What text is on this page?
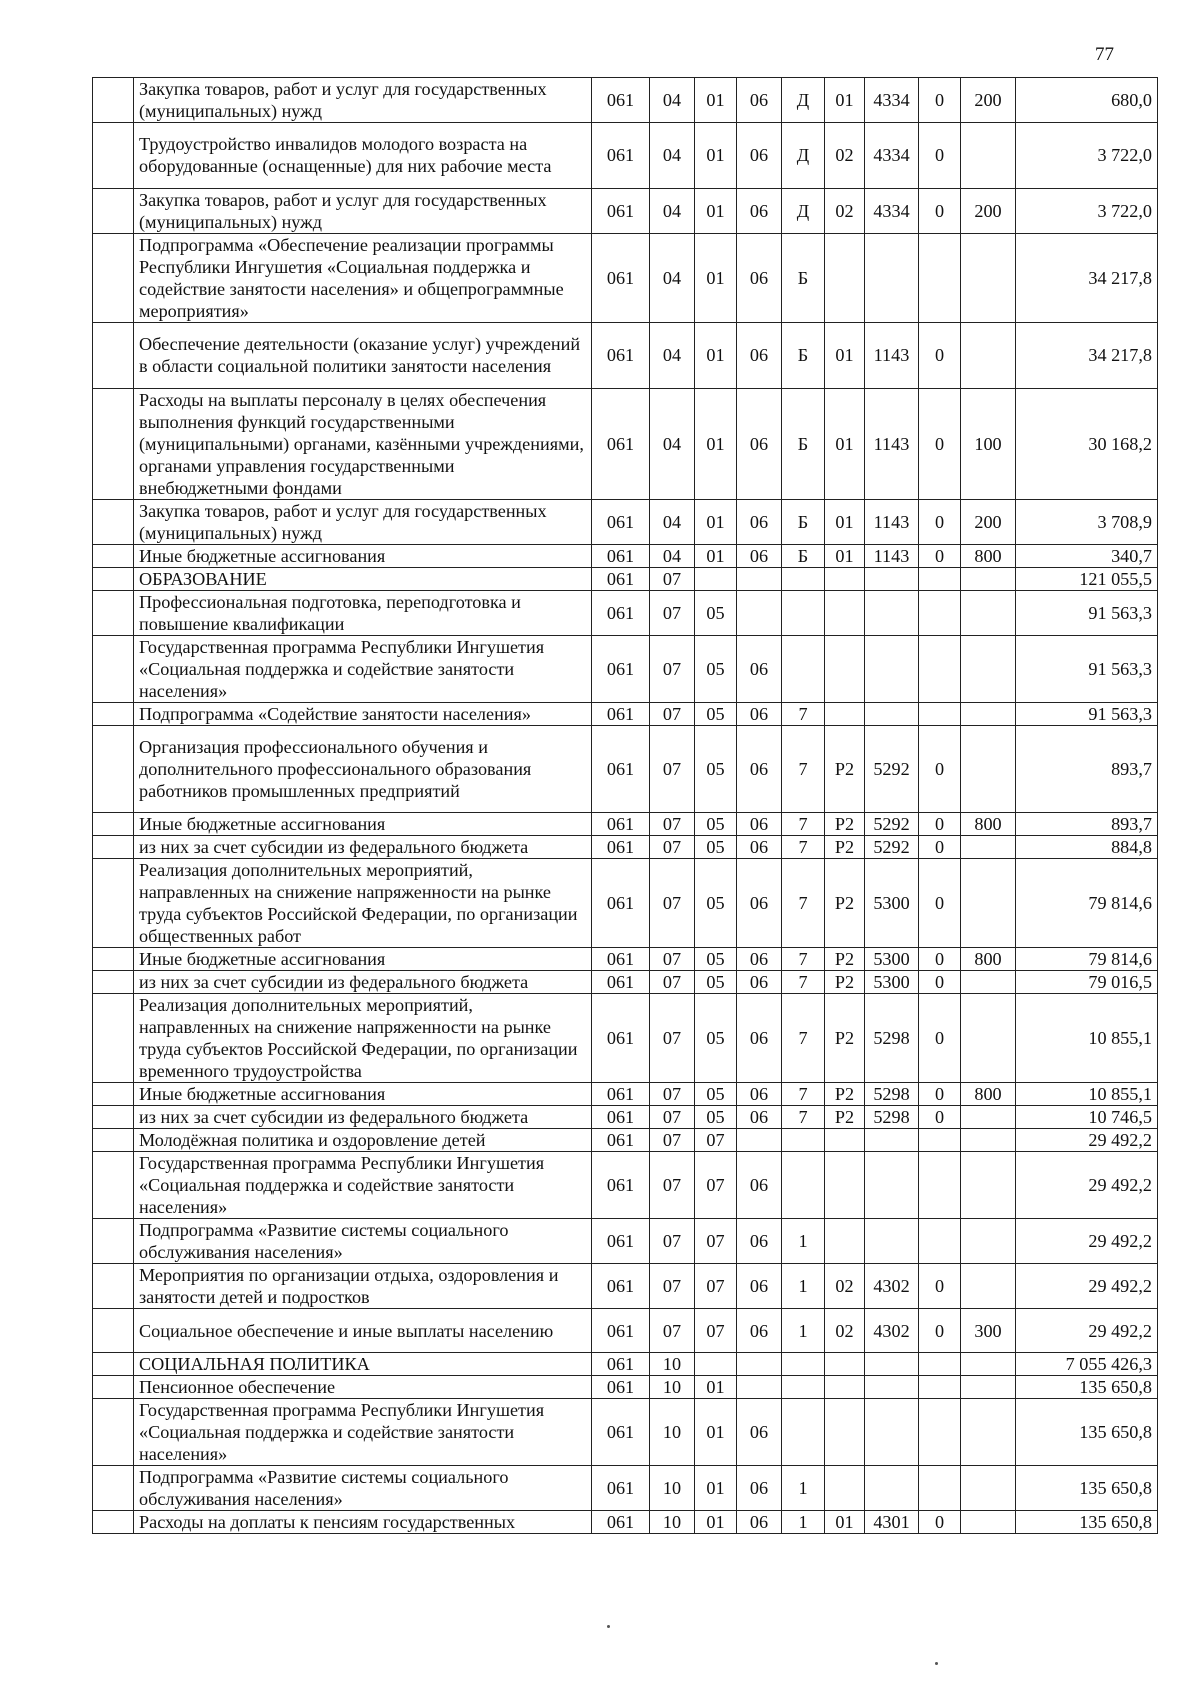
77
	Закупка товаров, работ и услуг для государственных (муниципальных) нужд	061	04	01	06	Д	01	4334	0	200	680,0
	Трудоустройство инвалидов молодого возраста на оборудованные (оснащенные) для них рабочие места	061	04	01	06	Д	02	4334	0		3 722,0
	Закупка товаров, работ и услуг для государственных (муниципальных) нужд	061	04	01	06	Д	02	4334	0	200	3 722,0
	Подпрограмма «Обеспечение реализации программы Республики Ингушетия «Социальная поддержка и содействие занятости населения» и общепрограммные мероприятия»	061	04	01	06	Б					34 217,8
	Обеспечение деятельности (оказание услуг) учреждений в области социальной политики занятости населения	061	04	01	06	Б	01	1143	0		34 217,8
	Расходы на выплаты персоналу в целях обеспечения выполнения функций государственными (муниципальными) органами, казёнными учреждениями, органами управления государственными внебюджетными фондами	061	04	01	06	Б	01	1143	0	100	30 168,2
	Закупка товаров, работ и услуг для государственных (муниципальных) нужд	061	04	01	06	Б	01	1143	0	200	3 708,9
	Иные бюджетные ассигнования	061	04	01	06	Б	01	1143	0	800	340,7
	ОБРАЗОВАНИЕ	061	07								121 055,5
	Профессиональная подготовка, переподготовка и повышение квалификации	061	07	05							91 563,3
	Государственная программа Республики Ингушетия «Социальная поддержка и содействие занятости населения»	061	07	05	06						91 563,3
	Подпрограмма «Содействие занятости населения»	061	07	05	06	7					91 563,3
	Организация профессионального обучения и дополнительного профессионального образования работников промышленных предприятий	061	07	05	06	7	Р2	5292	0		893,7
	Иные бюджетные ассигнования	061	07	05	06	7	Р2	5292	0	800	893,7
	из них за счет субсидии из федерального бюджета	061	07	05	06	7	Р2	5292	0		884,8
	Реализация дополнительных мероприятий, направленных на снижение напряженности на рынке труда субъектов Российской Федерации, по организации общественных работ	061	07	05	06	7	Р2	5300	0		79 814,6
	Иные бюджетные ассигнования	061	07	05	06	7	Р2	5300	0	800	79 814,6
	из них за счет субсидии из федерального бюджета	061	07	05	06	7	Р2	5300	0		79 016,5
	Реализация дополнительных мероприятий, направленных на снижение напряженности на рынке труда субъектов Российской Федерации, по организации временного трудоустройства	061	07	05	06	7	Р2	5298	0		10 855,1
	Иные бюджетные ассигнования	061	07	05	06	7	Р2	5298	0	800	10 855,1
	из них за счет субсидии из федерального бюджета	061	07	05	06	7	Р2	5298	0		10 746,5
	Молодёжная политика и оздоровление детей	061	07	07							29 492,2
	Государственная программа Республики Ингушетия «Социальная поддержка и содействие занятости населения»	061	07	07	06						29 492,2
	Подпрограмма «Развитие системы социального обслуживания населения»	061	07	07	06	1					29 492,2
	Мероприятия по организации отдыха, оздоровления и занятости детей и подростков	061	07	07	06	1	02	4302	0		29 492,2
	Социальное обеспечение и иные выплаты населению	061	07	07	06	1	02	4302	0	300	29 492,2
	СОЦИАЛЬНАЯ ПОЛИТИКА	061	10								7 055 426,3
	Пенсионное обеспечение	061	10	01							135 650,8
	Государственная программа Республики Ингушетия «Социальная поддержка и содействие занятости населения»	061	10	01	06						135 650,8
	Подпрограмма «Развитие системы социального обслуживания населения»	061	10	01	06	1					135 650,8
	Расходы на доплаты к пенсиям государственных	061	10	01	06	1	01	4301	0		135 650,8
